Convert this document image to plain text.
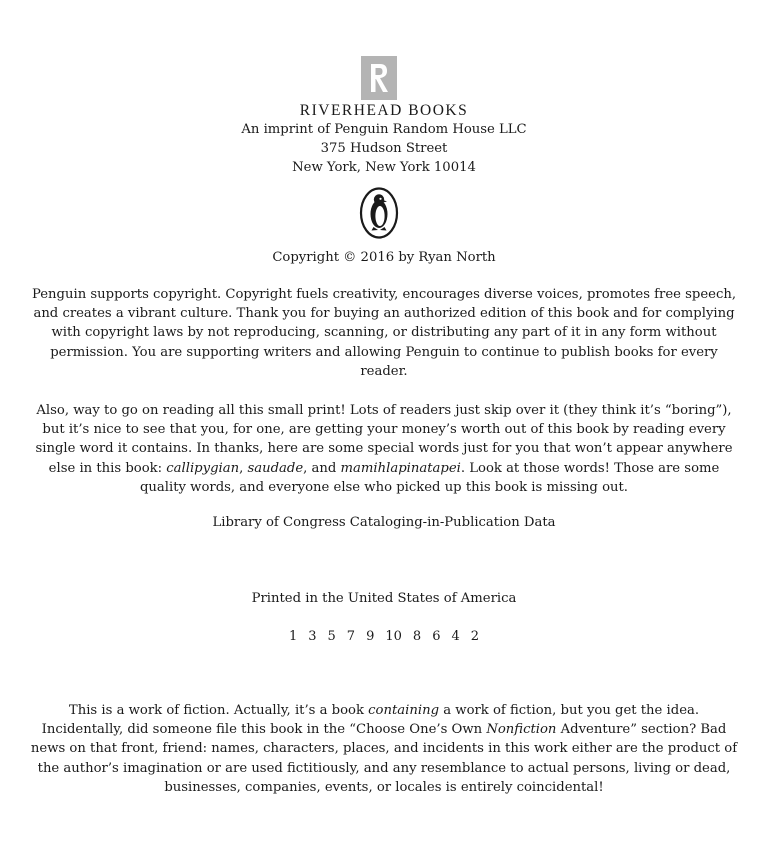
RIVERHEAD BOOKS
An imprint of Penguin Random House LLC
375 Hudson Street
New York, New York 10014
Copyright © 2016 by Ryan North
Penguin supports copyright. Copyright fuels creativity, encourages diverse voices, promotes free speech,
and creates a vibrant culture. Thank you for buying an authorized edition of this book and for complying
with copyright laws by not reproducing, scanning, or distributing any part of it in any form without
permission. You are supporting writers and allowing Penguin to continue to publish books for every
reader.
Also, way to go on reading all this small print! Lots of readers just skip over it (they think it’s “boring”),
but it’s nice to see that you, for one, are getting your money’s worth out of this book by reading every
single word it contains. In thanks, here are some special words just for you that won’t appear anywhere
else in this book: callipygian, saudade, and mamihlapinatapei. Look at those words! Those are some
quality words, and everyone else who picked up this book is missing out.
Library of Congress Cataloging-in-Publication Data
Printed in the United States of America
1 3 5 7 9 10 8 6 4 2
This is a work of fiction. Actually, it’s a book containing a work of fiction, but you get the idea.
Incidentally, did someone file this book in the “Choose One’s Own Nonfiction Adventure” section? Bad
news on that front, friend: names, characters, places, and incidents in this work either are the product of
the author’s imagination or are used fictitiously, and any resemblance to actual persons, living or dead,
businesses, companies, events, or locales is entirely coincidental!
